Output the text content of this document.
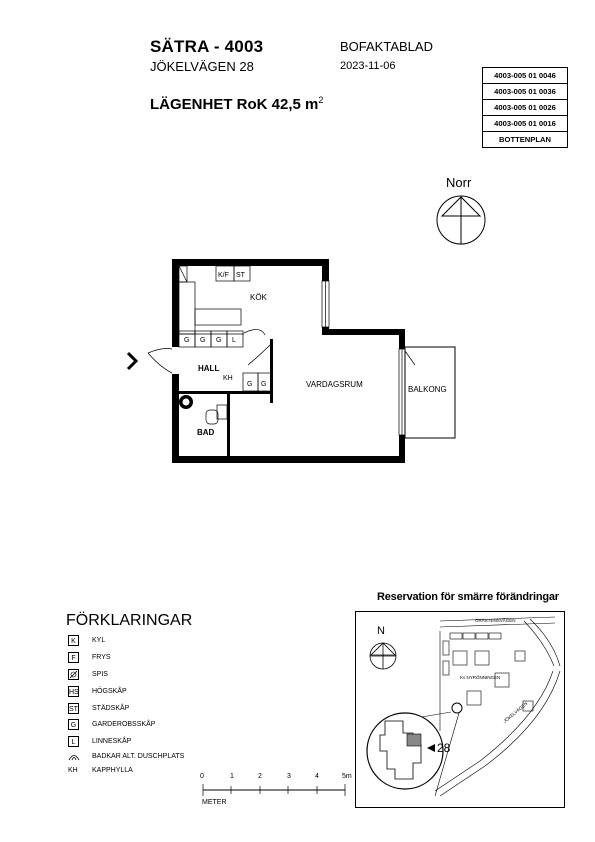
SÄTRA - 4003
JÖKELVÄGEN 28
BOFAKTABLAD
2023-11-06
LÄGENHET RoK 42,5 $m^2$
4003-005 01 0046
4003-005 01 0036
4003-005 01 0026
4003-005 01 0016
BOTTENPLAN
Norr
KÖK
HALL
BAD
VARDAGSRUM
BALKONG
K/F ST
G G G L
KH
G G
FÖRKLARINGAR
K	KYL
F	FRYS
SPIS
HS HÖGSKÅP
ST STÄDSKÅP
G	GARDEROBSSKÅP
L	LINNESKÅP
BADKAR ALT. DUSCHPLATS
KH KAPPHYLLA
0	1	2	3	4	5m
METER
Reservation för smärre förändringar
GRÄSTENSVÄGEN
Kv NYRÖNNINGEN
JÖKELVÄGEN
N
28
